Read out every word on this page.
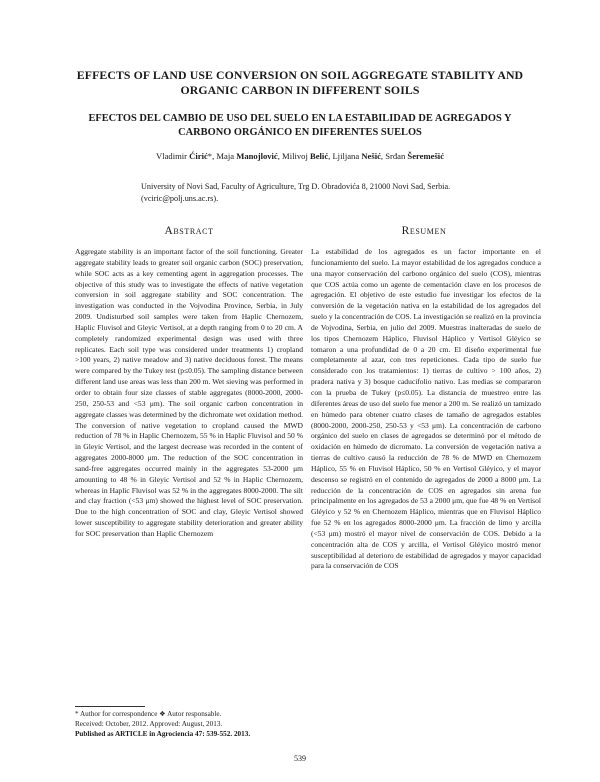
EFFECTS OF LAND USE CONVERSION ON SOIL AGGREGATE STABILITY AND ORGANIC CARBON IN DIFFERENT SOILS
EFECTOS DEL CAMBIO DE USO DEL SUELO EN LA ESTABILIDAD DE AGREGADOS Y CARBONO ORGÁNICO EN DIFERENTES SUELOS
Vladimir Ćirić*, Maja Manojlović, Milivoj Belić, Ljiljana Nešić, Srđan Šeremešić
University of Novi Sad, Faculty of Agriculture, Trg D. Obradovića 8, 21000 Novi Sad, Serbia. (vciric@polj.uns.ac.rs).
Abstract	Resumen

Aggregate stability is an important factor of the soil functioning. Greater aggregate stability leads to greater soil organic carbon (SOC) preservation, while SOC acts as a key cementing agent in aggregation processes. The objective of this study was to investigate the effects of native vegetation conversion in soil aggregate stability and SOC concentration. The investigation was conducted in the Vojvodina Province, Serbia, in July 2009. Undisturbed soil samples were taken from Haplic Chernozem, Haplic Fluvisol and Gleyic Vertisol, at a depth ranging from 0 to 20 cm. A completely randomized experimental design was used with three replicates. Each soil type was considered under treatments 1) cropland >100 years, 2) native meadow and 3) native deciduous forest. The means were compared by the Tukey test (p≤0.05). The sampling distance between different land use areas was less than 200 m. Wet sieving was performed in order to obtain four size classes of stable aggregates (8000-2000, 2000-250, 250-53 and <53 μm). The soil organic carbon concentration in aggregate classes was determined by the dichromate wet oxidation method. The conversion of native vegetation to cropland caused the MWD reduction of 78 % in Haplic Chernozem, 55 % in Haplic Fluvisol and 50 % in Gleyic Vertisol, and the largest decrease was recorded in the content of aggregates 2000-8000 μm. The reduction of the SOC concentration in sand-free aggregates occurred mainly in the aggregates 53-2000 μm amounting to 48 % in Gleyic Vertisol and 52 % in Haplic Chernozem, whereas in Haplic Fluvisol was 52 % in the aggregates 8000-2000. The silt and clay fraction (<53 μm) showed the highest level of SOC preservation. Due to the high concentration of SOC and clay, Gleyic Vertisol showed lower susceptibility to aggregate stability deterioration and greater ability for SOC preservation than Haplic Chernozem

La estabilidad de los agregados es un factor importante en el funcionamiento del suelo. La mayor estabilidad de los agregados conduce a una mayor conservación del carbono orgánico del suelo (COS), mientras que COS actúa como un agente de cementación clave en los procesos de agregación. El objetivo de este estudio fue investigar los efectos de la conversión de la vegetación nativa en la estabilidad de los agregados del suelo y la concentración de COS. La investigación se realizó en la provincia de Vojvodina, Serbia, en julio del 2009. Muestras inalteradas de suelo de los tipos Chernozem Háplico, Fluvisol Háplico y Vertisol Gléyico se tomaron a una profundidad de 0 a 20 cm. El diseño experimental fue completamente al azar, con tres repeticiones. Cada tipo de suelo fue considerado con los tratamientos: 1) tierras de cultivo > 100 años, 2) pradera nativa y 3) bosque caducifolio nativo. Las medias se compararon con la prueba de Tukey (p≤0.05). La distancia de muestreo entre las diferentes áreas de uso del suelo fue menor a 200 m. Se realizó un tamizado en húmedo para obtener cuatro clases de tamaño de agregados estables (8000-2000, 2000-250, 250-53 y <53 μm). La concentración de carbono orgánico del suelo en clases de agregados se determinó por el método de oxidación en húmedo de dicromato. La conversión de vegetación nativa a tierras de cultivo causó la reducción de 78 % de MWD en Chernozem Háplico, 55 % en Fluvisol Háplico, 50 % en Vertisol Gléyico, y el mayor descenso se registró en el contenido de agregados de 2000 a 8000 μm. La reducción de la concentración de COS en agregados sin arena fue principalmente en los agregados de 53 a 2000 μm, que fue 48 % en Vertisol Gléyico y 52 % en Chernozem Háplico, mientras que en Fluvisol Háplico fue 52 % en los agregados 8000-2000 μm. La fracción de limo y arcilla (<53 μm) mostró el mayor nivel de conservación de COS. Debido a la concentración alta de COS y arcilla, el Vertisol Gléyico mostró menor susceptibilidad al deterioro de estabilidad de agregados y mayor capacidad para la conservación de COS

* Author for correspondence ❖ Autor responsable.
Received: October, 2012. Approved: August, 2013.
Published as ARTICLE in Agrociencia 47: 539-552. 2013.
539
